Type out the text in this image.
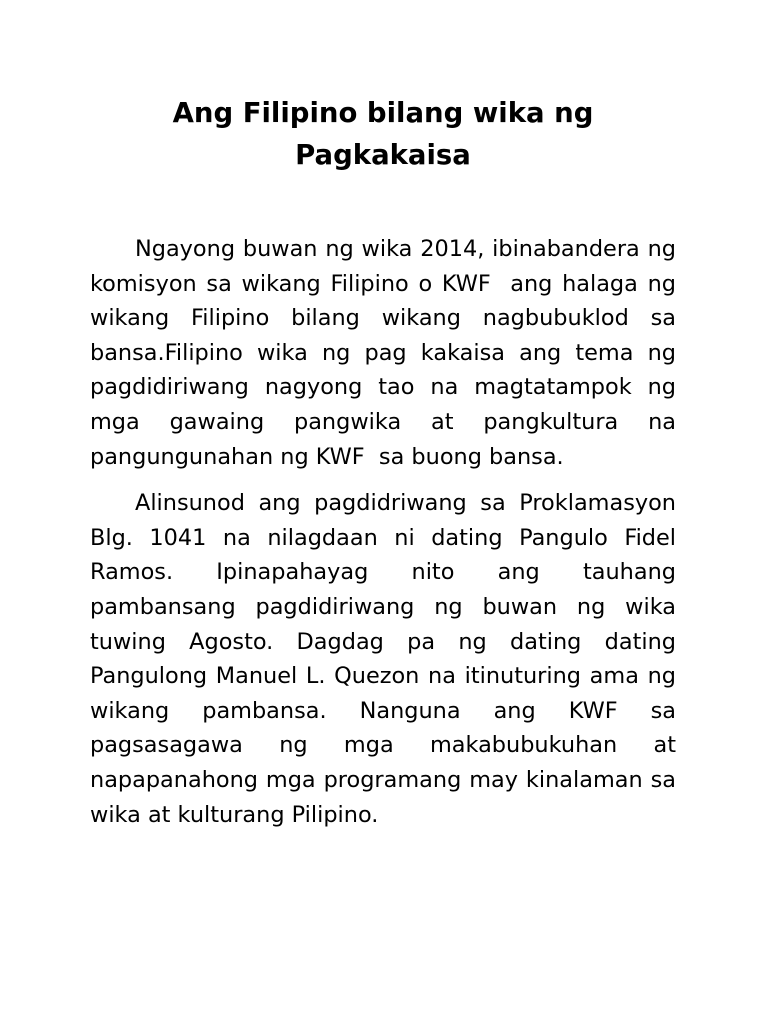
Ang Filipino bilang wika ng Pagkakaisa

Ngayong buwan ng wika 2014, ibinabandera ng komisyon sa wikang Filipino o KWF  ang halaga ng wikang Filipino bilang wikang nagbubuklod sa bansa.Filipino wika ng pag kakaisa ang tema ng pagdidiriwang nagyong tao na magtatampok ng mga gawaing pangwika at pangkultura na pangungunahan ng KWF  sa buong bansa.

Alinsunod ang pagdidriwang sa Proklamasyon Blg. 1041 na nilagdaan ni dating Pangulo Fidel Ramos. Ipinapahayag nito ang tauhang pambansang pagdidiriwang ng buwan ng wika tuwing Agosto. Dagdag pa ng dating dating Pangulong Manuel L. Quezon na itinuturing ama ng wikang pambansa. Nanguna ang KWF sa pagsasagawa ng mga makabubukuhan at napapanahong mga programang may kinalaman sa wika at kulturang Pilipino.
